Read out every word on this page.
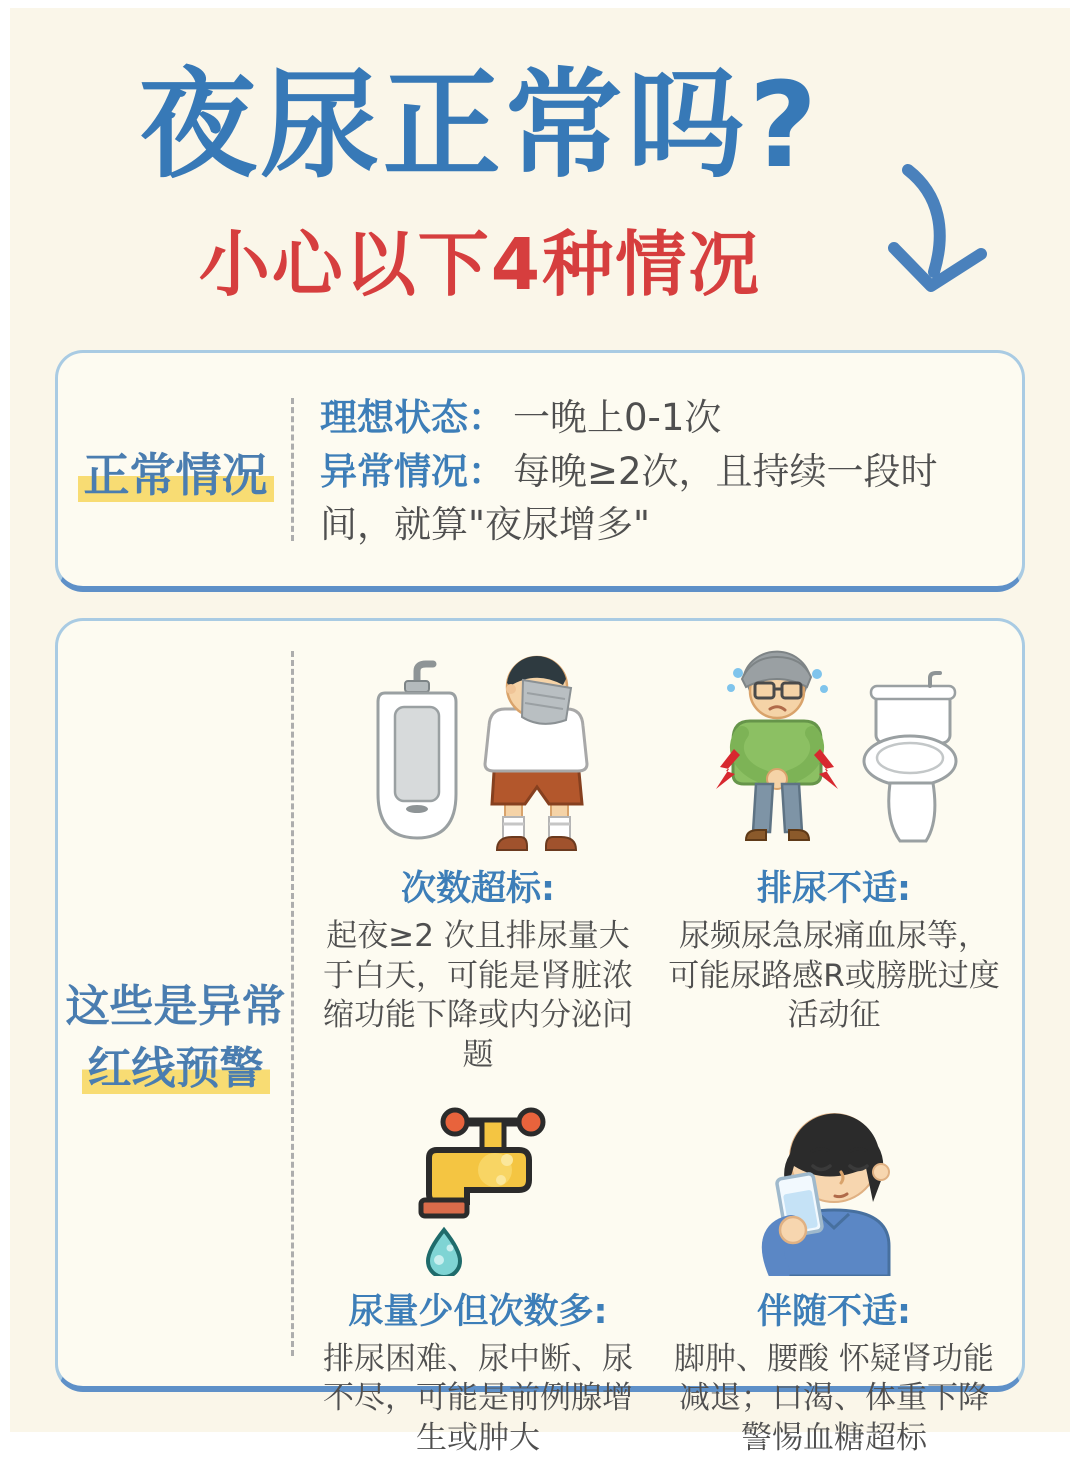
夜尿正常吗?
小心以下4种情况
正常情况
理想状态： 一晚上0-1次
异常情况： 每晚≥2次，且持续一段时间，就算"夜尿增多"
这些是异常
红线预警
次数超标:
起夜≥2 次且排尿量大于白天，可能是肾脏浓缩功能下降或内分泌问题
排尿不适:
尿频尿急尿痛血尿等，可能尿路感R或膀胱过度活动征
尿量少但次数多:
排尿困难、尿中断、尿不尽，可能是前例腺增生或肿大
伴随不适:
脚肿、腰酸 怀疑肾功能减退；口渴、体重下降警惕血糖超标
